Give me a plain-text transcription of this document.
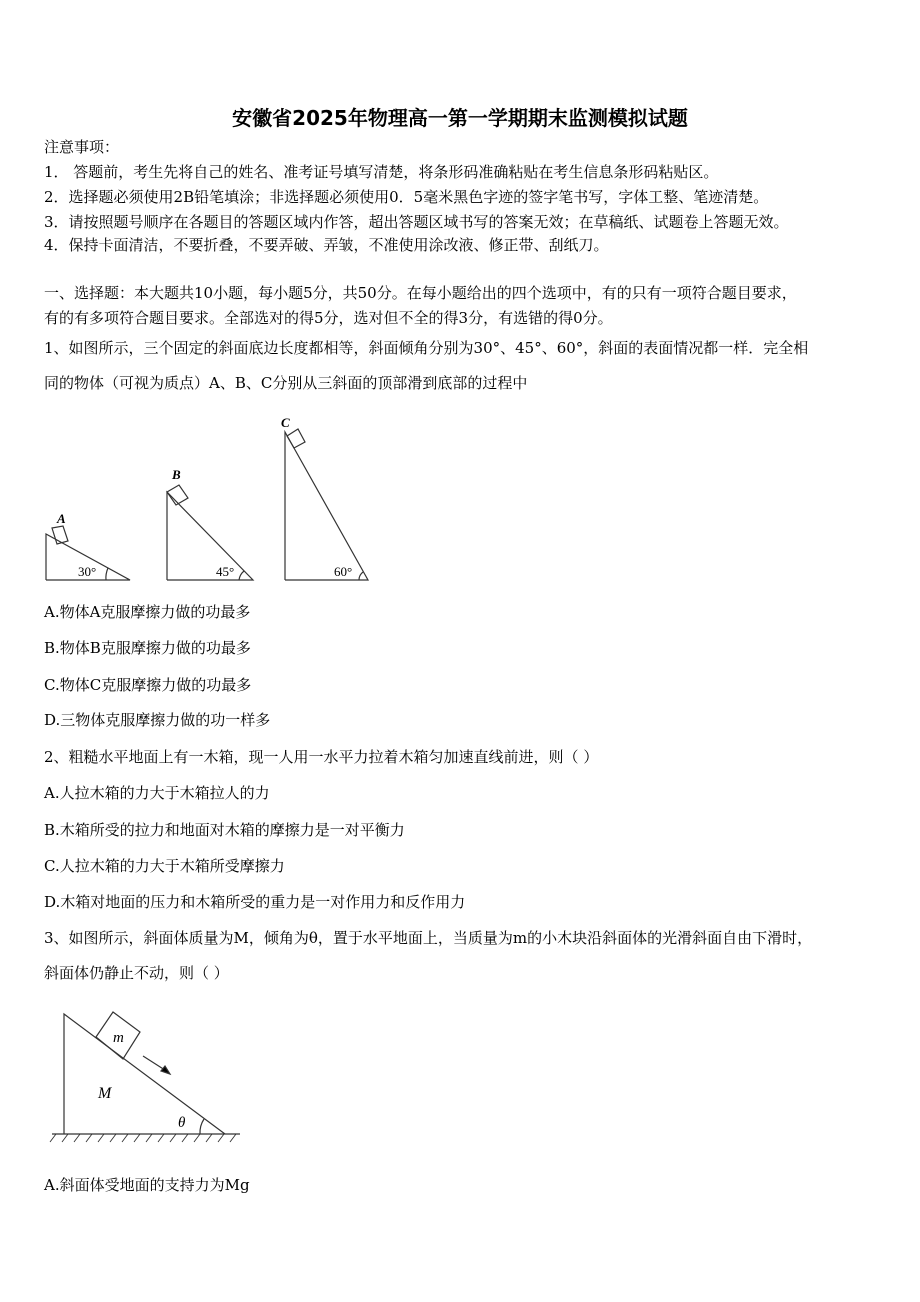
安徽省2025年物理高一第一学期期末监测模拟试题
注意事项：
1． 答题前，考生先将自己的姓名、准考证号填写清楚，将条形码准确粘贴在考生信息条形码粘贴区。
2．选择题必须使用2B铅笔填涂；非选择题必须使用0．5毫米黑色字迹的签字笔书写，字体工整、笔迹清楚。
3．请按照题号顺序在各题目的答题区域内作答，超出答题区域书写的答案无效；在草稿纸、试题卷上答题无效。
4．保持卡面清洁，不要折叠，不要弄破、弄皱，不准使用涂改液、修正带、刮纸刀。
一、选择题：本大题共10小题，每小题5分，共50分。在每小题给出的四个选项中，有的只有一项符合题目要求，
有的有多项符合题目要求。全部选对的得5分，选对但不全的得3分，有选错的得0分。
1、如图所示，三个固定的斜面底边长度都相等，斜面倾角分别为30°、45°、60°，斜面的表面情况都一样．完全相
同的物体（可视为质点）A、B、C分别从三斜面的顶部滑到底部的过程中
A
30°
B
45°
C
60°
A.物体A克服摩擦力做的功最多
B.物体B克服摩擦力做的功最多
C.物体C克服摩擦力做的功最多
D.三物体克服摩擦力做的功一样多
2、粗糙水平地面上有一木箱，现一人用一水平力拉着木箱匀加速直线前进，则（ ）
A.人拉木箱的力大于木箱拉人的力
B.木箱所受的拉力和地面对木箱的摩擦力是一对平衡力
C.人拉木箱的力大于木箱所受摩擦力
D.木箱对地面的压力和木箱所受的重力是一对作用力和反作用力
3、如图所示，斜面体质量为M，倾角为θ，置于水平地面上，当质量为m的小木块沿斜面体的光滑斜面自由下滑时，
斜面体仍静止不动，则（ ）
m
M
θ
A.斜面体受地面的支持力为Mg
